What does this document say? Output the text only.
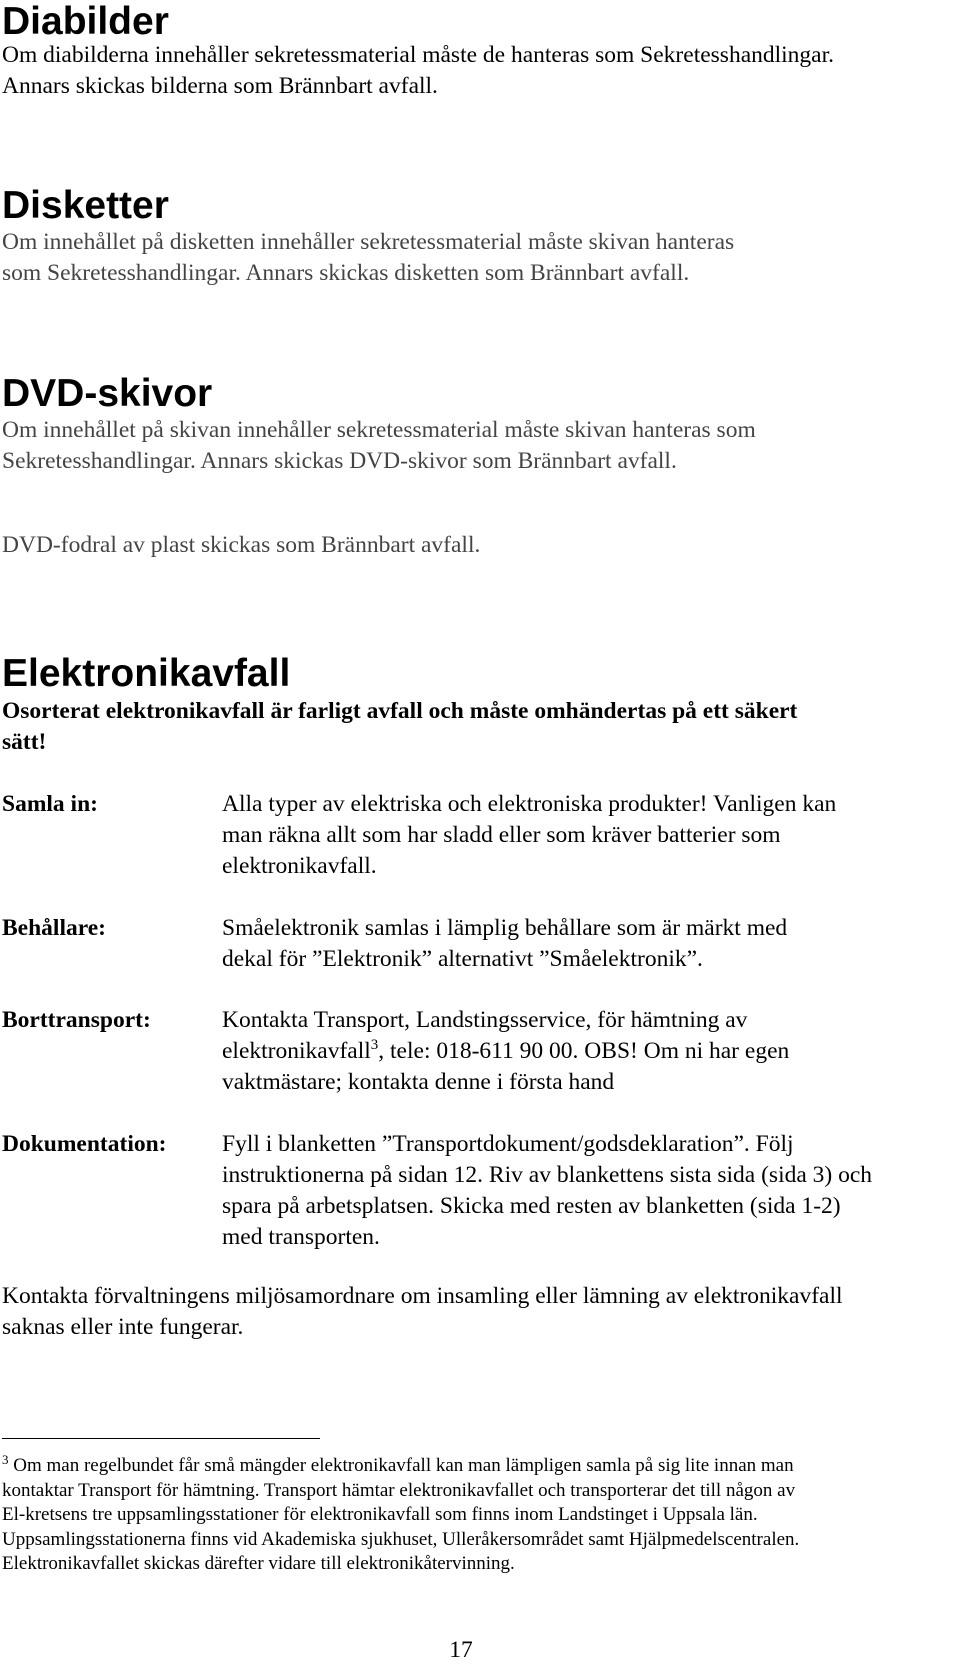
Diabilder

Om diabilderna innehåller sekretessmaterial måste de hanteras som Sekretesshandlingar.
Annars skickas bilderna som Brännbart avfall.

Disketter

Om innehållet på disketten innehåller sekretessmaterial måste skivan hanteras
som Sekretesshandlingar. Annars skickas disketten som Brännbart avfall.

DVD-skivor

Om innehållet på skivan innehåller sekretessmaterial måste skivan hanteras som
Sekretesshandlingar. Annars skickas DVD-skivor som Brännbart avfall.

DVD-fodral av plast skickas som Brännbart avfall.

Elektronikavfall

Osorterat elektronikavfall är farligt avfall och måste omhändertas på ett säkert
sätt!

Samla in:	Alla typer av elektriska och elektroniska produkter! Vanligen kan
man räkna allt som har sladd eller som kräver batterier som
elektronikavfall.

Behållare:	Småelektronik samlas i lämplig behållare som är märkt med
dekal för ”Elektronik” alternativt ”Småelektronik”.

Borttransport:	Kontakta Transport, Landstingsservice, för hämtning av
elektronikavfall$^3$, tele: 018-611 90 00. OBS! Om ni har egen
vaktmästare; kontakta denne i första hand

Dokumentation: Fyll i blanketten ”Transportdokument/godsdeklaration”. Följ
instruktionerna på sidan 12. Riv av blankettens sista sida (sida 3) och
spara på arbetsplatsen. Skicka med resten av blanketten (sida 1-2)
med transporten.

Kontakta förvaltningens miljösamordnare om insamling eller lämning av elektronikavfall
saknas eller inte fungerar.

$^3$ Om man regelbundet får små mängder elektronikavfall kan man lämpligen samla på sig lite innan man
kontaktar Transport för hämtning. Transport hämtar elektronikavfallet och transporterar det till någon av
El-kretsens tre uppsamlingsstationer för elektronikavfall som finns inom Landstinget i Uppsala län.
Uppsamlingsstationerna finns vid Akademiska sjukhuset, Ulleråkersområdet samt Hjälpmedelscentralen.
Elektronikavfallet skickas därefter vidare till elektronikåtervinning.

17
